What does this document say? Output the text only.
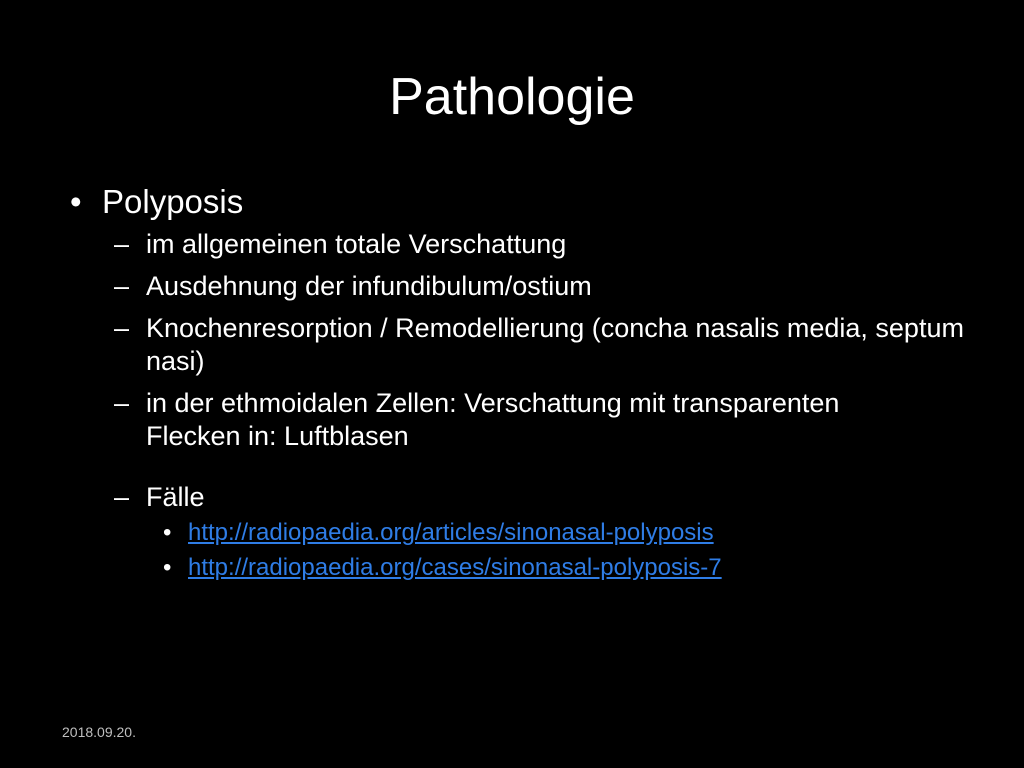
Pathologie
• Polyposis
– im allgemeinen totale Verschattung
– Ausdehnung der infundibulum/ostium
– Knochenresorption / Remodellierung (concha nasalis media, septum nasi)
– in der ethmoidalen Zellen: Verschattung mit transparenten Flecken in: Luftblasen
– Fälle
• http://radiopaedia.org/articles/sinonasal-polyposis
• http://radiopaedia.org/cases/sinonasal-polyposis-7
2018.09.20.
